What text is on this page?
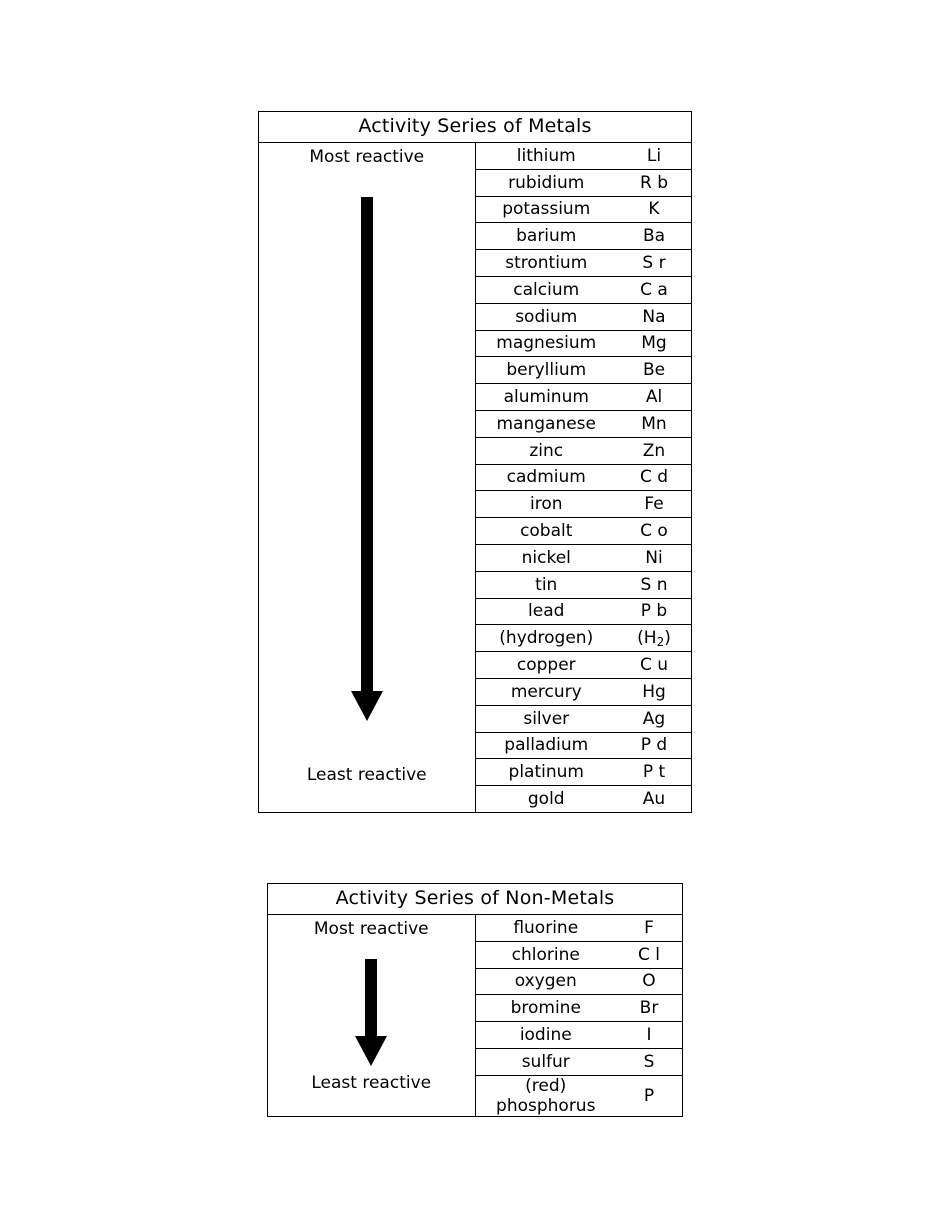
Activity Series of Metals

Most reactive
Least reactive

lithium	Li
rubidium	R b
potassium	K
barium	Ba
strontium	S r
calcium	C a
sodium	Na
magnesium	Mg
beryllium	Be
aluminum	Al
manganese	Mn
zinc	Zn
cadmium	C d
iron	Fe
cobalt	C o
nickel	Ni
tin	S n
lead	P b
(hydrogen)	$(H_2)$
copper	C u
mercury	Hg
silver	Ag
palladium	P d
platinum	P t
gold	Au
Activity Series of Non-Metals

Most reactive
Least reactive

fluorine	F
chlorine	C l
oxygen	O
bromine	Br
iodine	I
sulfur	S
(red) phosphorus	P
